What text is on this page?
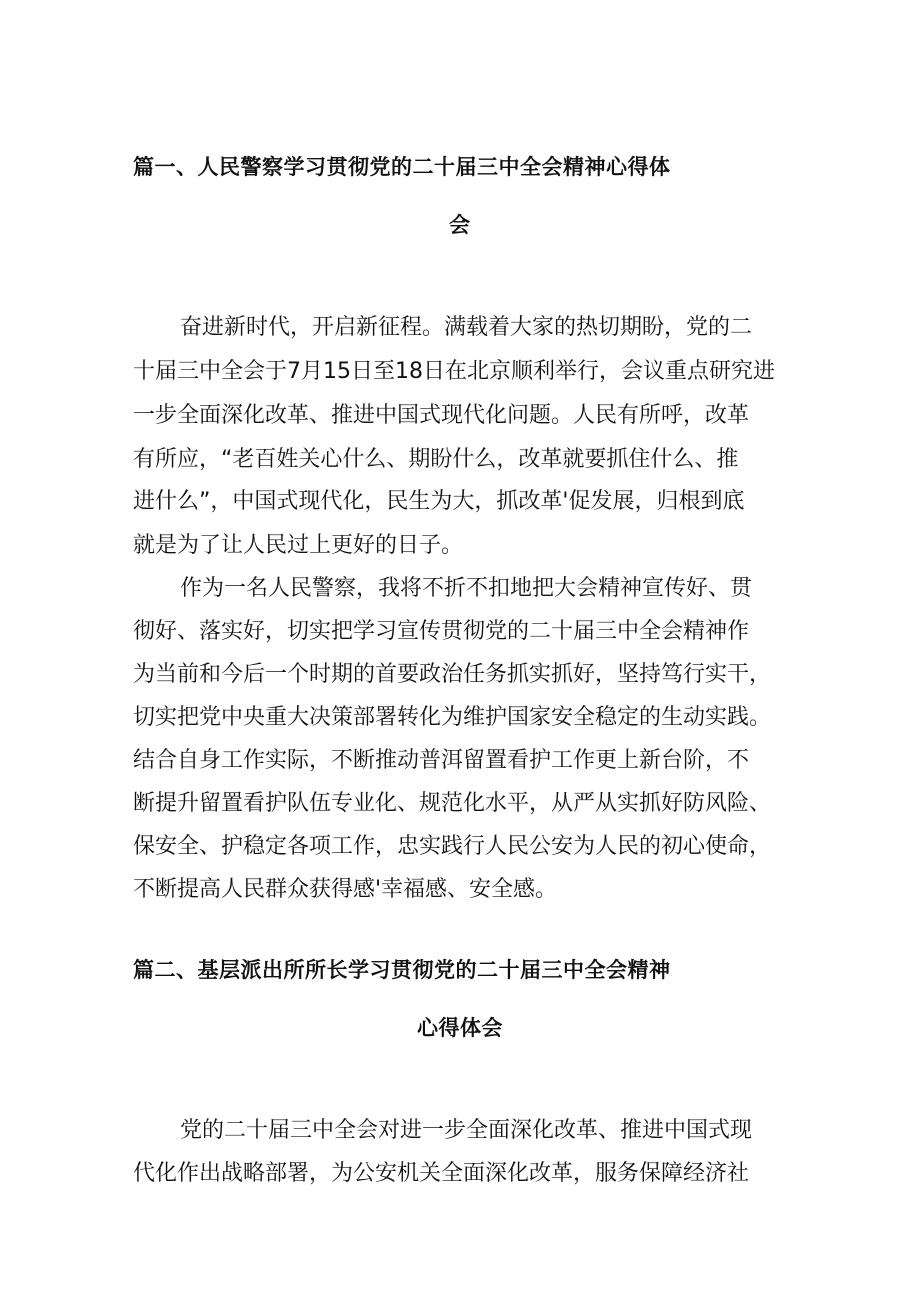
篇一、人民警察学习贯彻党的二十届三中全会精神心得体
会
奋进新时代，开启新征程。满载着大家的热切期盼，党的二
十届三中全会于7月15日至18日在北京顺利举行，会议重点研究进
一步全面深化改革、推进中国式现代化问题。人民有所呼，改革
有所应，“老百姓关心什么、期盼什么，改革就要抓住什么、推
进什么”，中国式现代化，民生为大，抓改革'促发展，归根到底
就是为了让人民过上更好的日子。
作为一名人民警察，我将不折不扣地把大会精神宣传好、贯
彻好、落实好，切实把学习宣传贯彻党的二十届三中全会精神作
为当前和今后一个时期的首要政治任务抓实抓好，坚持笃行实干，
切实把党中央重大决策部署转化为维护国家安全稳定的生动实践。
结合自身工作实际，不断推动普洱留置看护工作更上新台阶，不
断提升留置看护队伍专业化、规范化水平，从严从实抓好防风险、
保安全、护稳定各项工作，忠实践行人民公安为人民的初心使命，
不断提高人民群众获得感'幸福感、安全感。
篇二、基层派出所所长学习贯彻党的二十届三中全会精神
心得体会
党的二十届三中全会对进一步全面深化改革、推进中国式现
代化作出战略部署，为公安机关全面深化改革，服务保障经济社
